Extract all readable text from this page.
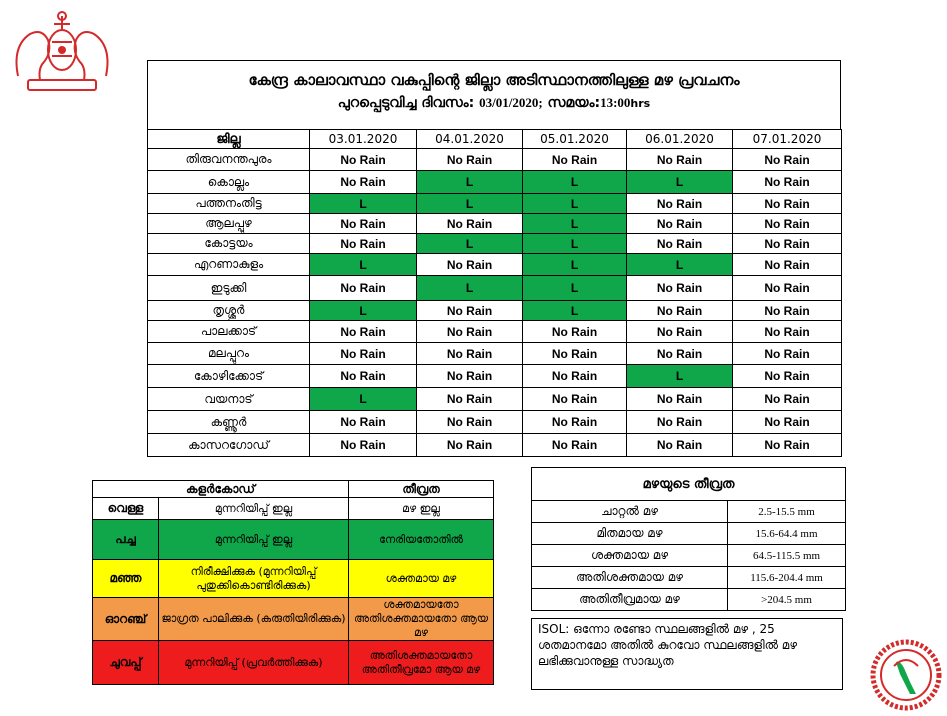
കേന്ദ്ര കാലാവസ്ഥാ വകുപ്പിന്റെ ജില്ലാ അടിസ്ഥാനത്തിലുള്ള മഴ പ്രവചനം
പുറപ്പെടുവിച്ച ദിവസം: 03/01/2020; സമയം:13:00hrs
ജില്ല	03.01.2020	04.01.2020	05.01.2020	06.01.2020	07.01.2020
തിരുവനന്തപുരം	No Rain	No Rain	No Rain	No Rain	No Rain
കൊല്ലം	No Rain	L	L	L	No Rain
പത്തനംതിട്ട	L	L	L	No Rain	No Rain
ആലപ്പുഴ	No Rain	No Rain	L	No Rain	No Rain
കോട്ടയം	No Rain	L	L	No Rain	No Rain
എറണാകുളം	L	No Rain	L	L	No Rain
ഇടുക്കി	No Rain	L	L	No Rain	No Rain
തൃശ്ശൂർ	L	No Rain	L	No Rain	No Rain
പാലക്കാട്	No Rain	No Rain	No Rain	No Rain	No Rain
മലപ്പുറം	No Rain	No Rain	No Rain	No Rain	No Rain
കോഴിക്കോട്	No Rain	No Rain	No Rain	L	No Rain
വയനാട്	L	No Rain	No Rain	No Rain	No Rain
കണ്ണൂർ	No Rain	No Rain	No Rain	No Rain	No Rain
കാസറഗോഡ്	No Rain	No Rain	No Rain	No Rain	No Rain
കളർകോഡ്		തീവ്രത
വെള്ള	മുന്നറിയിപ്പ് ഇല്ല	മഴ ഇല്ല
പച്ച	മുന്നറിയിപ്പ് ഇല്ല	നേരിയതോതിൽ
മഞ്ഞ	നിരീക്ഷിക്കുക (മുന്നറിയിപ്പ് പുതുക്കികൊണ്ടിരിക്കുക)	ശക്തമായ മഴ
ഓറഞ്ച്	ജാഗ്രത പാലിക്കുക (കരുതിയിരിക്കുക)	ശക്തമായതോ അതിശക്തമായതോ ആയ മഴ
ചുവപ്പ്	മുന്നറിയിപ്പ് (പ്രവർത്തിക്കുക)	അതിശക്തമായതോ അതിതീവ്രമോ ആയ മഴ
മഴയുടെ തീവ്രത	
ചാറ്റൽ മഴ	2.5-15.5 mm
മിതമായ മഴ	15.6-64.4 mm
ശക്തമായ മഴ	64.5-115.5 mm
അതിശക്തമായ മഴ	115.6-204.4 mm
അതിതീവ്രമായ മഴ	>204.5 mm
ISOL: ഒന്നോ രണ്ടോ സ്ഥലങ്ങളിൽ മഴ , 25 ശതമാനമോ അതിൽ കുറവോ സ്ഥലങ്ങളിൽ മഴ ലഭിക്കുവാനുള്ള സാദ്ധ്യത
